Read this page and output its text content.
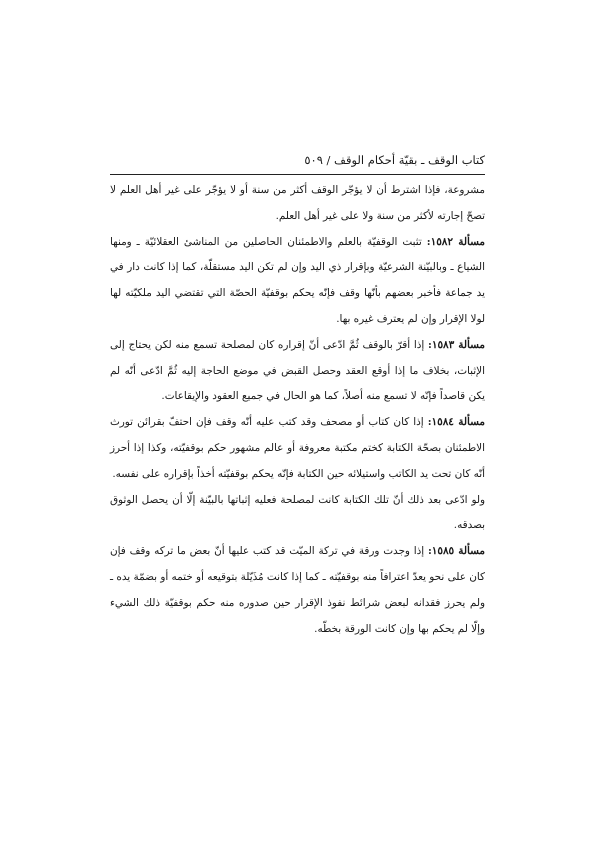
كتاب الوقف ـ بقيّة أحكام الوقف / ٥٠٩

مشروعة، فإذا اشترط أن لا يؤجّر الوقف أكثر من سنة أو لا يؤجّر على غير أهل العلم لا تصحّ إجارته لأكثر من سنة ولا على غير أهل العلم.

مسألة ١٥٨٢: تثبت الوقفيّة بالعلم والاطمئنان الحاصلين من المناشئ العقلائيّة ـ ومنها الشياع ـ وبالبيّنة الشرعيّة وبإقرار ذي اليد وإن لم تكن اليد مستقلّة، كما إذا كانت دار في يد جماعة فأخبر بعضهم بأنّها وقف فإنّه يحكم بوقفيّة الحصّة التي تقتضي اليد ملكيّته لها لولا الإقرار وإن لم يعترف غيره بها.

مسألة ١٥٨٣: إذا أقرّ بالوقف ثُمَّ ادّعى أنّ إقراره كان لمصلحة تسمع منه لكن يحتاج إلى الإثبات، بخلاف ما إذا أوقع العقد وحصل القبض في موضع الحاجة إليه ثُمَّ ادّعى أنّه لم يكن قاصداً فإنّه لا تسمع منه أصلاً، كما هو الحال في جميع العقود والإيقاعات.

مسألة ١٥٨٤: إذا كان كتاب أو مصحف وقد كتب عليه أنّه وقف فإن احتفّ بقرائن تورث الاطمئنان بصحّة الكتابة كختم مكتبة معروفة أو عالم مشهور حكم بوقفيّته، وكذا إذا أحرز أنّه كان تحت يد الكاتب واستيلائه حين الكتابة فإنّه يحكم بوقفيّته أخذاً بإقراره على نفسه.

ولو ادّعى بعد ذلك أنّ تلك الكتابة كانت لمصلحة فعليه إثباتها بالبيّنة إلّا أن يحصل الوثوق بصدقه.

مسألة ١٥٨٥: إذا وجدت ورقة في تركة الميّت قد كتب عليها أنّ بعض ما تركه وقف فإن كان على نحو يعدّ اعترافاً منه بوقفيّته ـ كما إذا كانت مُذَيّلة بتوقيعه أو ختمه أو بضمّة يده ـ ولم يحرز فقدانه لبعض شرائط نفوذ الإقرار حين صدوره منه حكم بوقفيّة ذلك الشيء وإلّا لم يحكم بها وإن كانت الورقة بخطّه.
